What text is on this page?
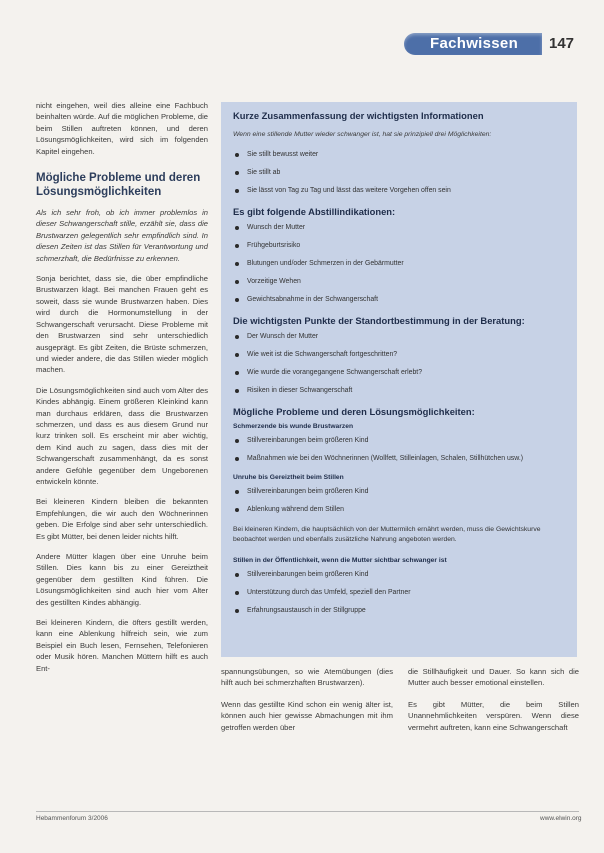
Fachwissen 147

nicht eingehen, weil dies alleine eine Fachbuch beinhalten würde. Auf die möglichen Probleme, die beim Stillen auftreten können, und deren Lösungsmöglichkeiten, wird sich im folgenden Kapitel eingehen.

Mögliche Probleme und deren Lösungsmöglichkeiten

Als ich sehr froh, ob ich immer problemlos in dieser Schwangerschaft stille, erzählt sie, dass die Brustwarzen gelegentlich sehr empfindlich sind. In diesen Zeiten ist das Stillen für Verantwortung und schmerzhaft, die Bedürfnisse zu erkennen.

Sonja berichtet, dass sie, die über empfindliche Brustwarzen klagt. Bei manchen Frauen geht es soweit, dass sie wunde Brustwarzen haben. Dies wird durch die Hormonumstellung in der Schwangerschaft verursacht. Diese Probleme mit den Brustwarzen sind sehr unterschiedlich ausgeprägt. Es gibt Zeiten, die Brüste schmerzen, und wieder andere, die das Stillen wieder möglich machen.

Die Lösungsmöglichkeiten sind auch vom Alter des Kindes abhängig. Einem größeren Kleinkind kann man durchaus erklären, dass die Brustwarzen schmerzen, und dass es aus diesem Grund nur kurz trinken soll. Es erscheint mir aber wichtig, dem Kind auch zu sagen, dass dies mit der Schwangerschaft zusammenhängt, da es sonst andere Gefühle gegenüber dem Ungeborenen entwickeln könnte.

Bei kleineren Kindern bleiben die bekannten Empfehlungen, die wir auch den Wöchnerinnen geben. Die Erfolge sind aber sehr unterschiedlich. Es gibt Mütter, bei denen leider nichts hilft.

Andere Mütter klagen über eine Unruhe beim Stillen. Dies kann bis zu einer Gereiztheit gegenüber dem gestillten Kind führen. Die Lösungsmöglichkeiten sind auch hier vom Alter des gestillten Kindes abhängig.

Bei kleineren Kindern, die öfters gestillt werden, kann eine Ablenkung hilfreich sein, wie zum Beispiel ein Buch lesen, Fernsehen, Telefonieren oder Musik hören. Manchen Müttern hilft es auch Ent-

Kurze Zusammenfassung der wichtigsten Informationen

Wenn eine stillende Mutter wieder schwanger ist, hat sie prinzipiell drei Möglichkeiten:

Sie stillt bewusst weiter
Sie stillt ab
Sie lässt von Tag zu Tag und lässt das weitere Vorgehen offen sein
Es gibt folgende Abstillindikationen:
Wunsch der Mutter
Frühgeburtsrisiko
Blutungen und/oder Schmerzen in der Gebärmutter
Vorzeitige Wehen
Gewichtsabnahme in der Schwangerschaft
Die wichtigsten Punkte der Standortbestimmung in der Beratung:
Der Wunsch der Mutter
Wie weit ist die Schwangerschaft fortgeschritten?
Wie wurde die vorangegangene Schwangerschaft erlebt?
Risiken in dieser Schwangerschaft
Mögliche Probleme und deren Lösungsmöglichkeiten:
Schmerzende bis wunde Brustwarzen
Stillvereinbarungen beim größeren Kind
Maßnahmen wie bei den Wöchnerinnen (Wollfett, Stilleinlagen, Schalen, Stillhütchen usw.)
Unruhe bis Gereiztheit beim Stillen
Stillvereinbarungen beim größeren Kind
Ablenkung während dem Stillen

Bei kleineren Kindern, die hauptsächlich von der Muttermilch ernährt werden, muss die Gewichtskurve beobachtet werden und ebenfalls zusätzliche Nahrung angeboten werden.

Stillen in der Öffentlichkeit, wenn die Mutter sichtbar schwanger ist
Stillvereinbarungen beim größeren Kind
Unterstützung durch das Umfeld, speziell den Partner
Erfahrungsaustausch in der Stillgruppe

spannungsübungen, so wie Atemübungen (dies hilft auch bei schmerzhaften Brustwarzen).

Wenn das gestillte Kind schon ein wenig älter ist, können auch hier gewisse Abmachungen mit ihm getroffen werden über

die Stillhäufigkeit und Dauer. So kann sich die Mutter auch besser emotional einstellen.

Es gibt Mütter, die beim Stillen Unannehmlichkeiten verspüren. Wenn diese vermehrt auftreten, kann eine Schwangerschaft

Hebammenforum 3/2006	www.elwin.org
